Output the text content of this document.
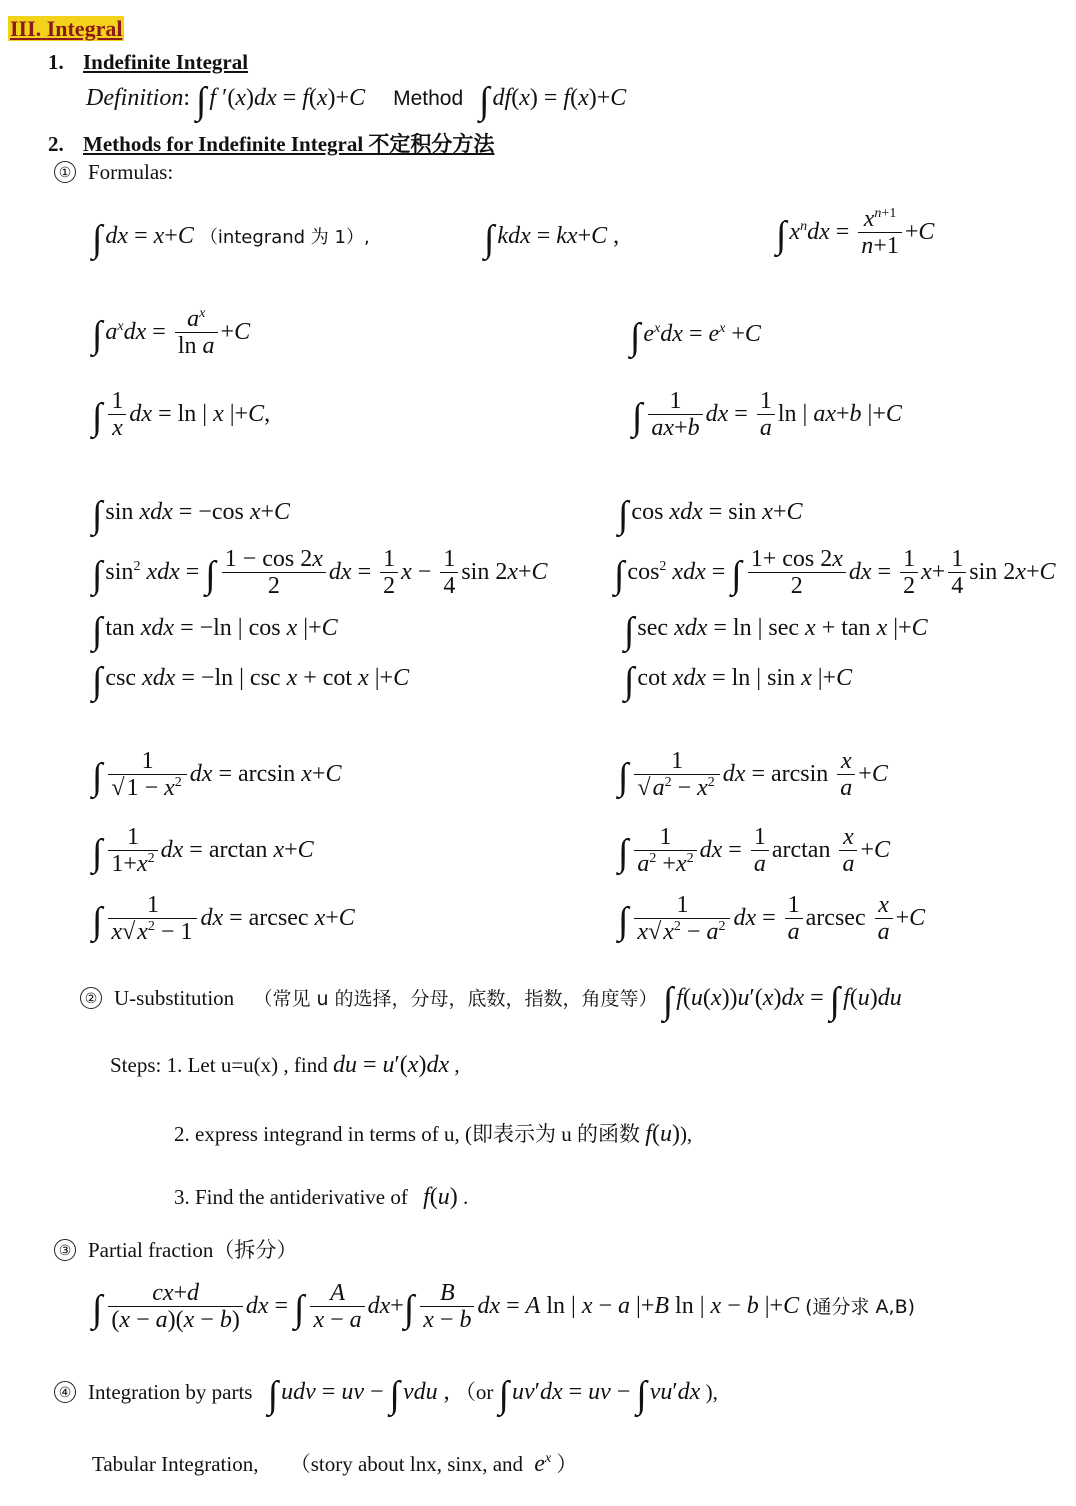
III. Integral
1. Indefinite Integral
Definition: ∫ f ′(x)dx = f(x)+C Method ∫ df(x) = f(x)+C
2. Methods for Indefinite Integral 不定积分方法
① Formulas:
∫ dx = x+C （integrand 为 1）,	∫ kdx = kx+C ,	∫ $x^ndx = \frac{x^{n+1}}{n+1} +C$
∫ $a^xdx = \frac{a^x}{\text{ln a}} +C$	∫ $e^xdx = e^x +C$
∫ $\frac{1}{x}$ dx = ln | x |+C,	∫ $\frac{1}{ax+b}$ dx = $\frac{1}{a}$ ln | ax+b |+C
∫ sin xdx = −cos x+C	∫ cos xdx = sin x+C
∫ $\sin^2$ xdx = ∫ $\frac{1 - \cos 2x}{2}$ dx = $\frac{1}{2}$ $x - \frac{1}{4}$ sin 2x+C ∫ $\cos^2$ xdx = ∫ $\frac{1+ \cos 2x}{2}$ dx = $\frac{1}{2} x+ \frac{1}{4}$ sin 2x+C
∫ tan xdx = −ln | cos x |+C	∫ sec xdx = ln | sec x + tan x |+C
∫ csc xdx = −ln | csc x + cot x |+C	∫ cot xdx = ln | sin x |+C
∫ $\frac{1}{√1 - x^2}$ dx = arcsin x+C	∫ $\frac{1}{√a^2 - x^2}$ dx = $\arcsin \frac{x}{a} +C$
∫ $\frac{1}{1+x^2}$ dx = arctan x+C	∫ $\frac{1}{a^2 +x^2}$ dx = $\frac{1}{a}$ $\arctan \frac{x}{a} +C$
∫ $\frac{1}{x√x^2 - 1}$ dx = arcsec x+C	∫ $\frac{1}{x√x^2 - a^2}$ dx = $\frac{1}{a}$ arcsec $\frac{x}{a} +C$
② U-substitution （常见 u 的选择，分母，底数，指数，角度等） ∫ f(u(x))u′(x)dx = ∫ f(u)du
Steps: 1. Let u=u(x) , find du = u′(x)dx ,
2. express integrand in terms of u, (即表示为 u 的函数 f(u)),
3. Find the antiderivative of f(u) .
③ Partial fraction（拆分）
∫ $\frac{cx+d}{(x - a)(x - b)}$ dx = ∫ $\frac{A}{x - a} dx+\int \frac{B}{x - b}$ dx = A ln | x − a |+B ln | x − b |+C (通分求 A,B)
④ Integration by parts ∫ udv = uv − ∫ vdu , （or ∫ uv′dx = uv − ∫ vu′dx ),
Tabular Integration, （story about lnx, sinx, and $e^x$ ）
